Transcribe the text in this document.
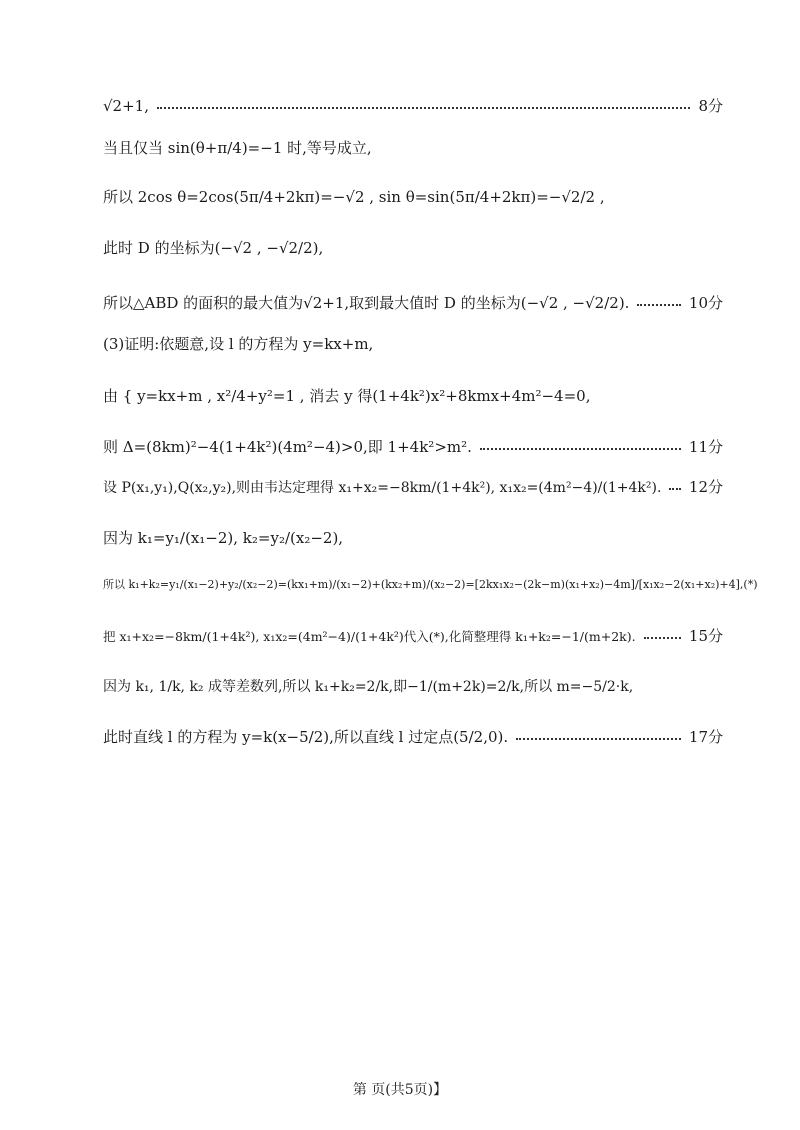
√2+1,	8分
当且仅当 sin(θ+π/4)=−1 时,等号成立,
所以 2cos θ=2cos(5π/4+2kπ)=−√2 , sin θ=sin(5π/4+2kπ)=−√2/2 ,
此时 D 的坐标为(−√2 , −√2/2),
所以△ABD 的面积的最大值为√2+1,取到最大值时 D 的坐标为(−√2 , −√2/2).	10分
(3)证明:依题意,设 l 的方程为 y=kx+m,
由 { y=kx+m , x²/4+y²=1 , 消去 y 得(1+4k²)x²+8kmx+4m²−4=0,
则 Δ=(8km)²−4(1+4k²)(4m²−4)>0,即 1+4k²>m².	11分
设 P(x₁,y₁),Q(x₂,y₂),则由韦达定理得 x₁+x₂=−8km/(1+4k²), x₁x₂=(4m²−4)/(1+4k²). 12分
因为 k₁=y₁/(x₁−2), k₂=y₂/(x₂−2),
所以 k₁+k₂=y₁/(x₁−2)+y₂/(x₂−2)=(kx₁+m)/(x₁−2)+(kx₂+m)/(x₂−2)=[2kx₁x₂−(2k−m)(x₁+x₂)−4m]/[x₁x₂−2(x₁+x₂)+4],(*)
把 x₁+x₂=−8km/(1+4k²), x₁x₂=(4m²−4)/(1+4k²)代入(*),化简整理得 k₁+k₂=−1/(m+2k).	15分
因为 k₁, 1/k, k₂ 成等差数列,所以 k₁+k₂=2/k,即−1/(m+2k)=2/k,所以 m=−5/2·k,
此时直线 l 的方程为 y=k(x−5/2),所以直线 l 过定点(5/2,0).	17分
第 页(共5页)】
